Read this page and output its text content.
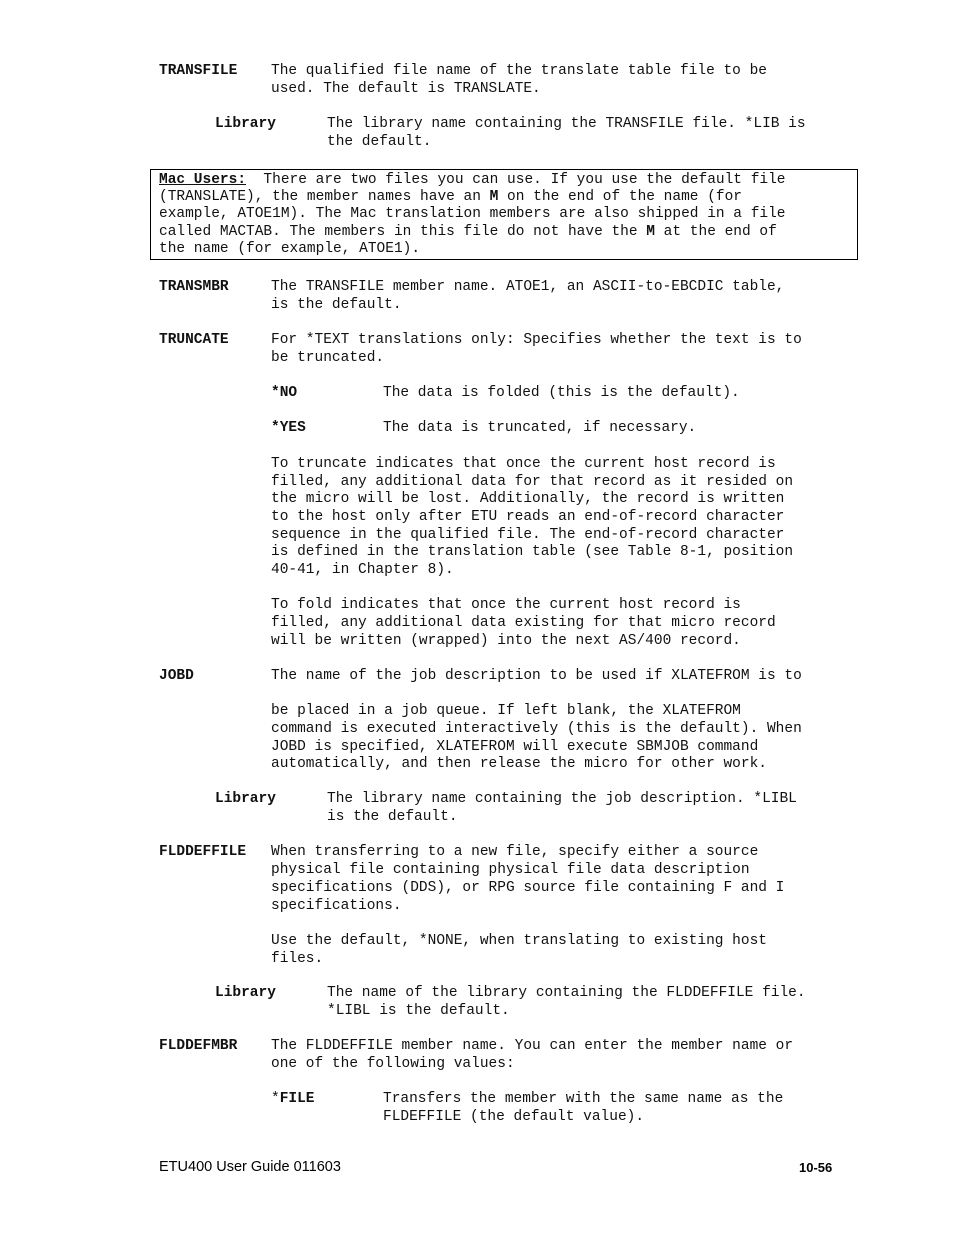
TRANSFILE The qualified file name of the translate table file to be
used. The default is TRANSLATE.
Library	The library name containing the TRANSFILE file. *LIB is
the default.
Mac Users:  There are two files you can use. If you use the default file
(TRANSLATE), the member names have an M on the end of the name (for
example, ATOE1M). The Mac translation members are also shipped in a file
called MACTAB. The members in this file do not have the M at the end of
the name (for example, ATOE1).
TRANSMBR	The TRANSFILE member name. ATOE1, an ASCII-to-EBCDIC table,
is the default.
TRUNCATE	For *TEXT translations only: Specifies whether the text is to
be truncated.
*NO	The data is folded (this is the default).
*YES	The data is truncated, if necessary.
To truncate indicates that once the current host record is
filled, any additional data for that record as it resided on
the micro will be lost. Additionally, the record is written
to the host only after ETU reads an end-of-record character
sequence in the qualified file. The end-of-record character
is defined in the translation table (see Table 8-1, position
40-41, in Chapter 8).
To fold indicates that once the current host record is
filled, any additional data existing for that micro record
will be written (wrapped) into the next AS/400 record.
JOBD	The name of the job description to be used if XLATEFROM is to
be placed in a job queue. If left blank, the XLATEFROM
command is executed interactively (this is the default). When
JOBD is specified, XLATEFROM will execute SBMJOB command
automatically, and then release the micro for other work.
Library	The library name containing the job description. *LIBL
is the default.
FLDDEFFILE When transferring to a new file, specify either a source
physical file containing physical file data description
specifications (DDS), or RPG source file containing F and I
specifications.
Use the default, *NONE, when translating to existing host
files.
Library	The name of the library containing the FLDDEFFILE file.
*LIBL is the default.
FLDDEFMBR The FLDDEFFILE member name. You can enter the member name or
one of the following values:
*FILE	Transfers the member with the same name as the
FLDEFFILE (the default value).
ETU400 User Guide 011603	10-56
